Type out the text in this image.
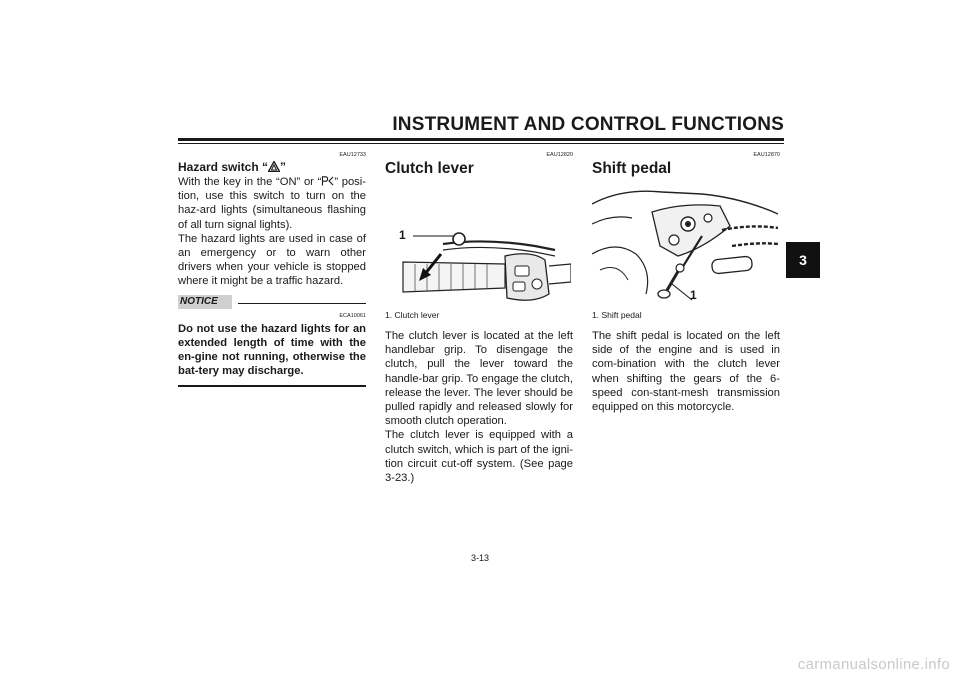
INSTRUMENT AND CONTROL FUNCTIONS
3
EAU12733
Hazard switch “ ”

With the key in the “ON” or “ ” posi-tion, use this switch to turn on the haz-ard lights (simultaneous flashing of all turn signal lights).

The hazard lights are used in case of an emergency or to warn other drivers when your vehicle is stopped where it might be a traffic hazard.

NOTICE
ECA10061

Do not use the hazard lights for an extended length of time with the en-gine not running, otherwise the bat-tery may discharge.

EAU12820
Clutch lever
1
1. Clutch lever

The clutch lever is located at the left handlebar grip. To disengage the clutch, pull the lever toward the handle-bar grip. To engage the clutch, release the lever. The lever should be pulled rapidly and released slowly for smooth clutch operation.

The clutch lever is equipped with a clutch switch, which is part of the igni-tion circuit cut-off system. (See page 3-23.)

EAU12870
Shift pedal
1
1. Shift pedal

The shift pedal is located on the left side of the engine and is used in com-bination with the clutch lever when shifting the gears of the 6-speed con-stant-mesh transmission equipped on this motorcycle.

3-13
carmanualsonline.info
